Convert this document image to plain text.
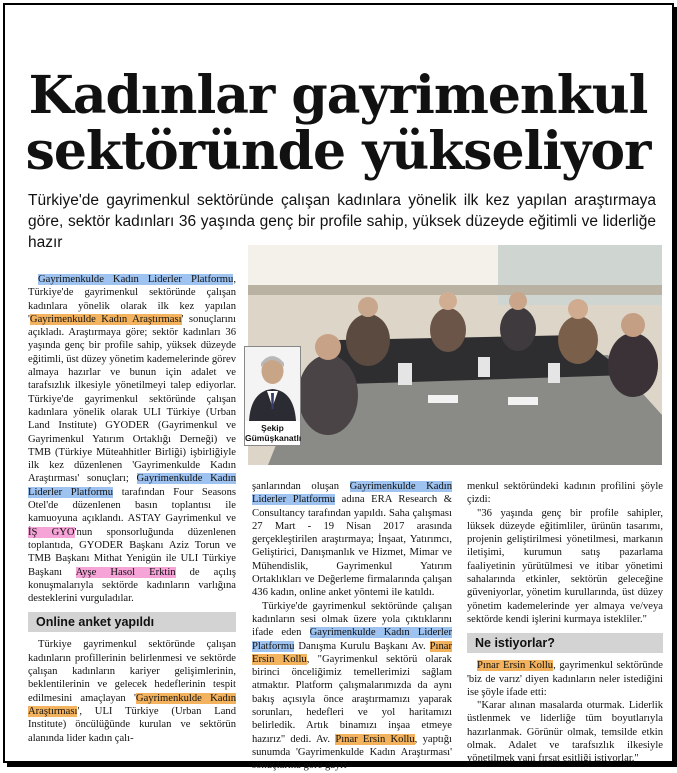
Kadınlar gayrimenkul
sektöründe yükseliyor
Türkiye'de gayrimenkul sektöründe çalışan kadınlara yönelik ilk kez yapılan araştırmaya göre, sektör kadınları 36 yaşında genç bir profile sahip, yüksek düzeyde eğitimli ve liderliğe hazır
Şekip
Gümüşkanatlı

Gayrimenkulde Kadın Liderler Platformu, Türkiye'de gayrimenkul sektöründe çalışan kadınlara yönelik olarak ilk kez yapılan 'Gayrimenkulde Kadın Araştırması' sonuçlarını açıkladı. Araştırmaya göre; sektör kadınları 36 yaşında genç bir profile sahip, yüksek düzeyde eğitimli, üst düzey yönetim kademelerinde görev almaya hazırlar ve bunun için adalet ve tarafsızlık ilkesiyle yönetilmeyi talep ediyorlar. Türkiye'de gayrimenkul sektöründe çalışan kadınlara yönelik olarak ULI Türkiye (Urban Land Institute) GYODER (Gayrimenkul ve Gayrimenkul Yatırım Ortaklığı Derneği) ve TMB (Türkiye Müteahhitler Birliği) işbirliğiyle ilk kez düzenlenen 'Gayrimenkulde Kadın Araştırması' sonuçları; Gayrimenkulde Kadın Liderler Platformu tarafından Four Seasons Otel'de düzenlenen basın toplantısı ile kamuoyuna açıklandı. ASTAY Gayrimenkul ve İŞ GYO'nun sponsorluğunda düzenlenen toplantıda, GYODER Başkanı Aziz Torun ve TMB Başkanı Mithat Yenigün ile ULI Türkiye Başkanı Ayşe Hasol Erktin de açılış konuşmalarıyla sektörde kadınların varlığına desteklerini vurguladılar.

Online anket yapıldı

Türkiye gayrimenkul sektöründe çalışan kadınların profillerinin belirlenmesi ve sektörde çalışan kadınların kariyer gelişimlerinin, beklentilerinin ve gelecek hedeflerinin tespit edilmesini amaçlayan 'Gayrimenkulde Kadın Araştırması', ULI Türkiye (Urban Land Institute) öncülüğünde kurulan ve sektörün alanında lider kadın çalı-

şanlarından oluşan Gayrimenkulde Kadın Liderler Platformu adına ERA Research & Consultancy tarafından yapıldı. Saha çalışması 27 Mart - 19 Nisan 2017 arasında gerçekleştirilen araştırmaya; İnşaat, Yatırımcı, Geliştirici, Danışmanlık ve Hizmet, Mimar ve Mühendislik, Gayrimenkul Yatırım Ortaklıkları ve Değerleme firmalarında çalışan 436 kadın, online anket yöntemi ile katıldı.

Türkiye'de gayrimenkul sektöründe çalışan kadınların sesi olmak üzere yola çıktıklarını ifade eden Gayrimenkulde Kadın Liderler Platformu Danışma Kurulu Başkanı Av. Pınar Ersin Kollu, "Gayrimenkul sektörü olarak birinci önceliğimiz temellerimizi sağlam atmaktır. Platform çalışmalarımızda da aynı bakış açısıyla önce araştırmamızı yaparak sorunları, hedefleri ve yol haritamızı belirledik. Artık binamızı inşaa etmeye hazırız" dedi. Av. Pınar Ersin Kollu, yaptığı sunumda 'Gayrimenkulde Kadın Araştırması' sonuçlarına göre gayri-

menkul sektöründeki kadının profilini şöyle çizdi:

"36 yaşında genç bir profile sahipler, lüksek düzeyde eğitimliler, ürünün tasarımı, projenin geliştirilmesi yönetilmesi, markanın iletişimi, kurumun satış pazarlama faaliyetinin yürütülmesi ve itibar yönetimi sahalarında etkinler, sektörün geleceğine güveniyorlar, yönetim kurullarında, üst düzey yönetim kademelerinde yer almaya ve/veya sektörde kendi işlerini kurmaya istekliler."

Ne istiyorlar?

Pınar Ersin Kollu, gayrimenkul sektöründe 'biz de varız' diyen kadınların neler istediğini ise şöyle ifade etti:

"Karar alınan masalarda oturmak. Liderlik üstlenmek ve liderliğe tüm boyutlarıyla hazırlanmak. Görünür olmak, temsilde etkin olmak. Adalet ve tarafsızlık ilkesiyle yönetilmek yani fırsat eşitliği istiyorlar."
